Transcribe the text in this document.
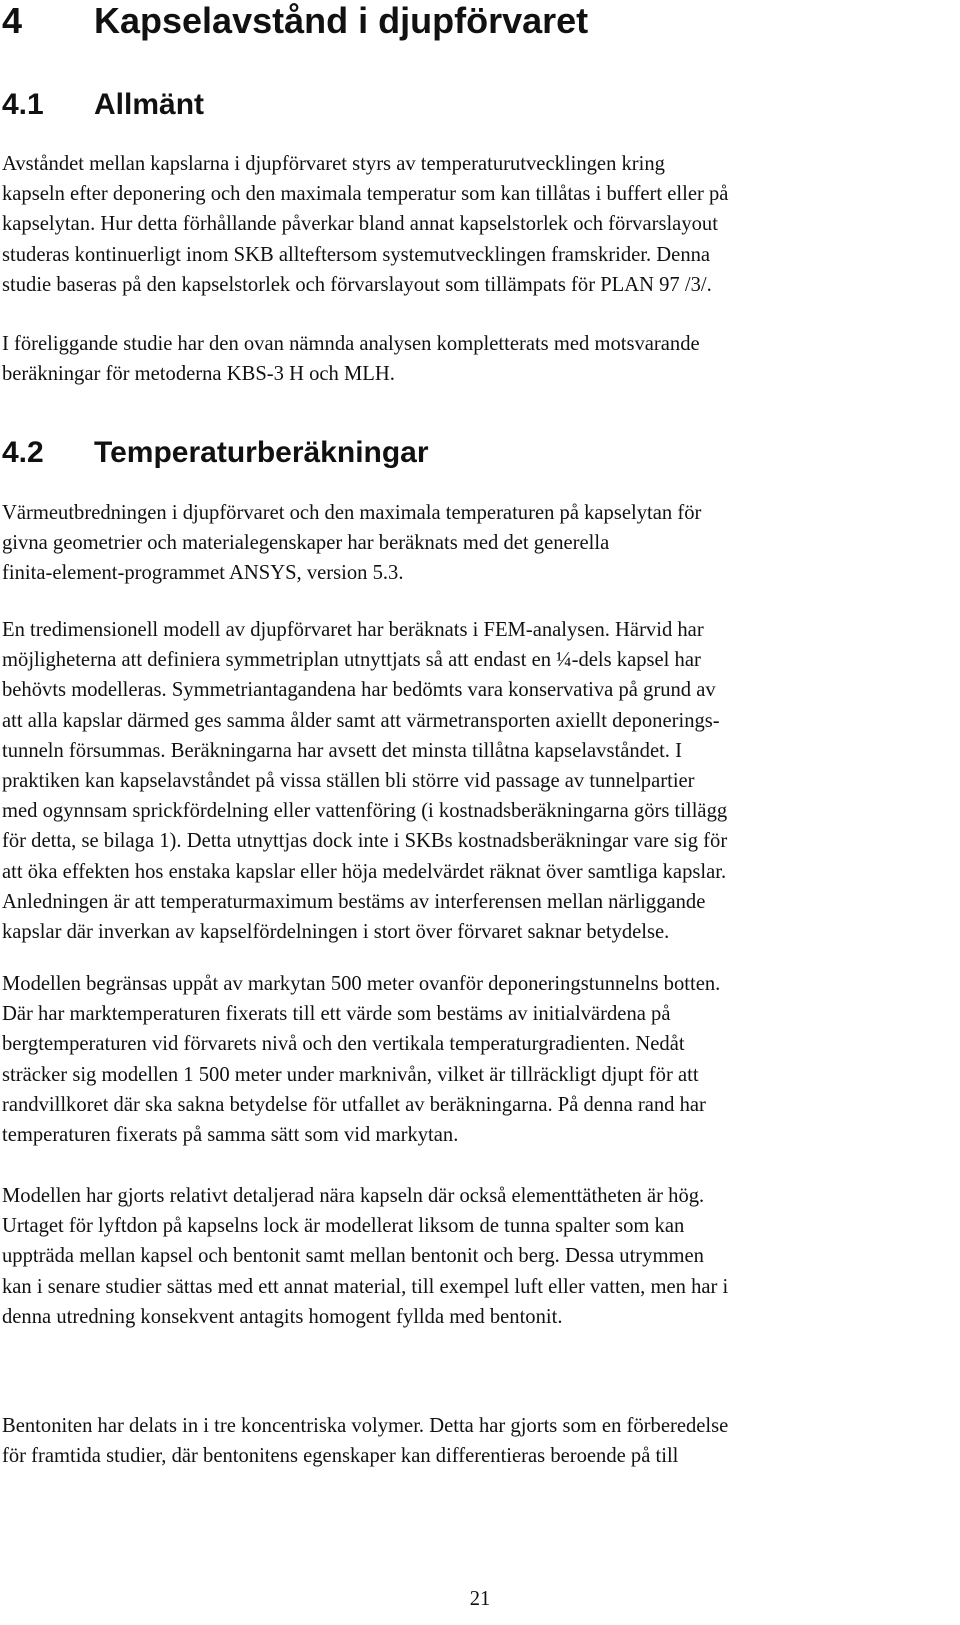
4 Kapselavstånd i djupförvaret
4.1 Allmänt

Avståndet mellan kapslarna i djupförvaret styrs av temperaturutvecklingen kring
kapseln efter deponering och den maximala temperatur som kan tillåtas i buffert eller på
kapselytan. Hur detta förhållande påverkar bland annat kapselstorlek och förvarslayout
studeras kontinuerligt inom SKB allteftersom systemutvecklingen framskrider. Denna
studie baseras på den kapselstorlek och förvarslayout som tillämpats för PLAN 97 /3/.

I föreliggande studie har den ovan nämnda analysen kompletterats med motsvarande
beräkningar för metoderna KBS-3 H och MLH.

4.2 Temperaturberäkningar

Värmeutbredningen i djupförvaret och den maximala temperaturen på kapselytan för
givna geometrier och materialegenskaper har beräknats med det generella
finita-element-programmet ANSYS, version 5.3.

En tredimensionell modell av djupförvaret har beräknats i FEM-analysen. Härvid har
möjligheterna att definiera symmetriplan utnyttjats så att endast en ¼-dels kapsel har
behövts modelleras. Symmetriantagandena har bedömts vara konservativa på grund av
att alla kapslar därmed ges samma ålder samt att värmetransporten axiellt deponerings-
tunneln försummas. Beräkningarna har avsett det minsta tillåtna kapselavståndet. I
praktiken kan kapselavståndet på vissa ställen bli större vid passage av tunnelpartier
med ogynnsam sprickfördelning eller vattenföring (i kostnadsberäkningarna görs tillägg
för detta, se bilaga 1). Detta utnyttjas dock inte i SKBs kostnadsberäkningar vare sig för
att öka effekten hos enstaka kapslar eller höja medelvärdet räknat över samtliga kapslar.
Anledningen är att temperaturmaximum bestäms av interferensen mellan närliggande
kapslar där inverkan av kapselfördelningen i stort över förvaret saknar betydelse.

Modellen begränsas uppåt av markytan 500 meter ovanför deponeringstunnelns botten.
Där har marktemperaturen fixerats till ett värde som bestäms av initialvärdena på
bergtemperaturen vid förvarets nivå och den vertikala temperaturgradienten. Nedåt
sträcker sig modellen 1 500 meter under marknivån, vilket är tillräckligt djupt för att
randvillkoret där ska sakna betydelse för utfallet av beräkningarna. På denna rand har
temperaturen fixerats på samma sätt som vid markytan.

Modellen har gjorts relativt detaljerad nära kapseln där också elementtätheten är hög.
Urtaget för lyftdon på kapselns lock är modellerat liksom de tunna spalter som kan
uppträda mellan kapsel och bentonit samt mellan bentonit och berg. Dessa utrymmen
kan i senare studier sättas med ett annat material, till exempel luft eller vatten, men har i
denna utredning konsekvent antagits homogent fyllda med bentonit.

Bentoniten har delats in i tre koncentriska volymer. Detta har gjorts som en förberedelse
för framtida studier, där bentonitens egenskaper kan differentieras beroende på till

21
